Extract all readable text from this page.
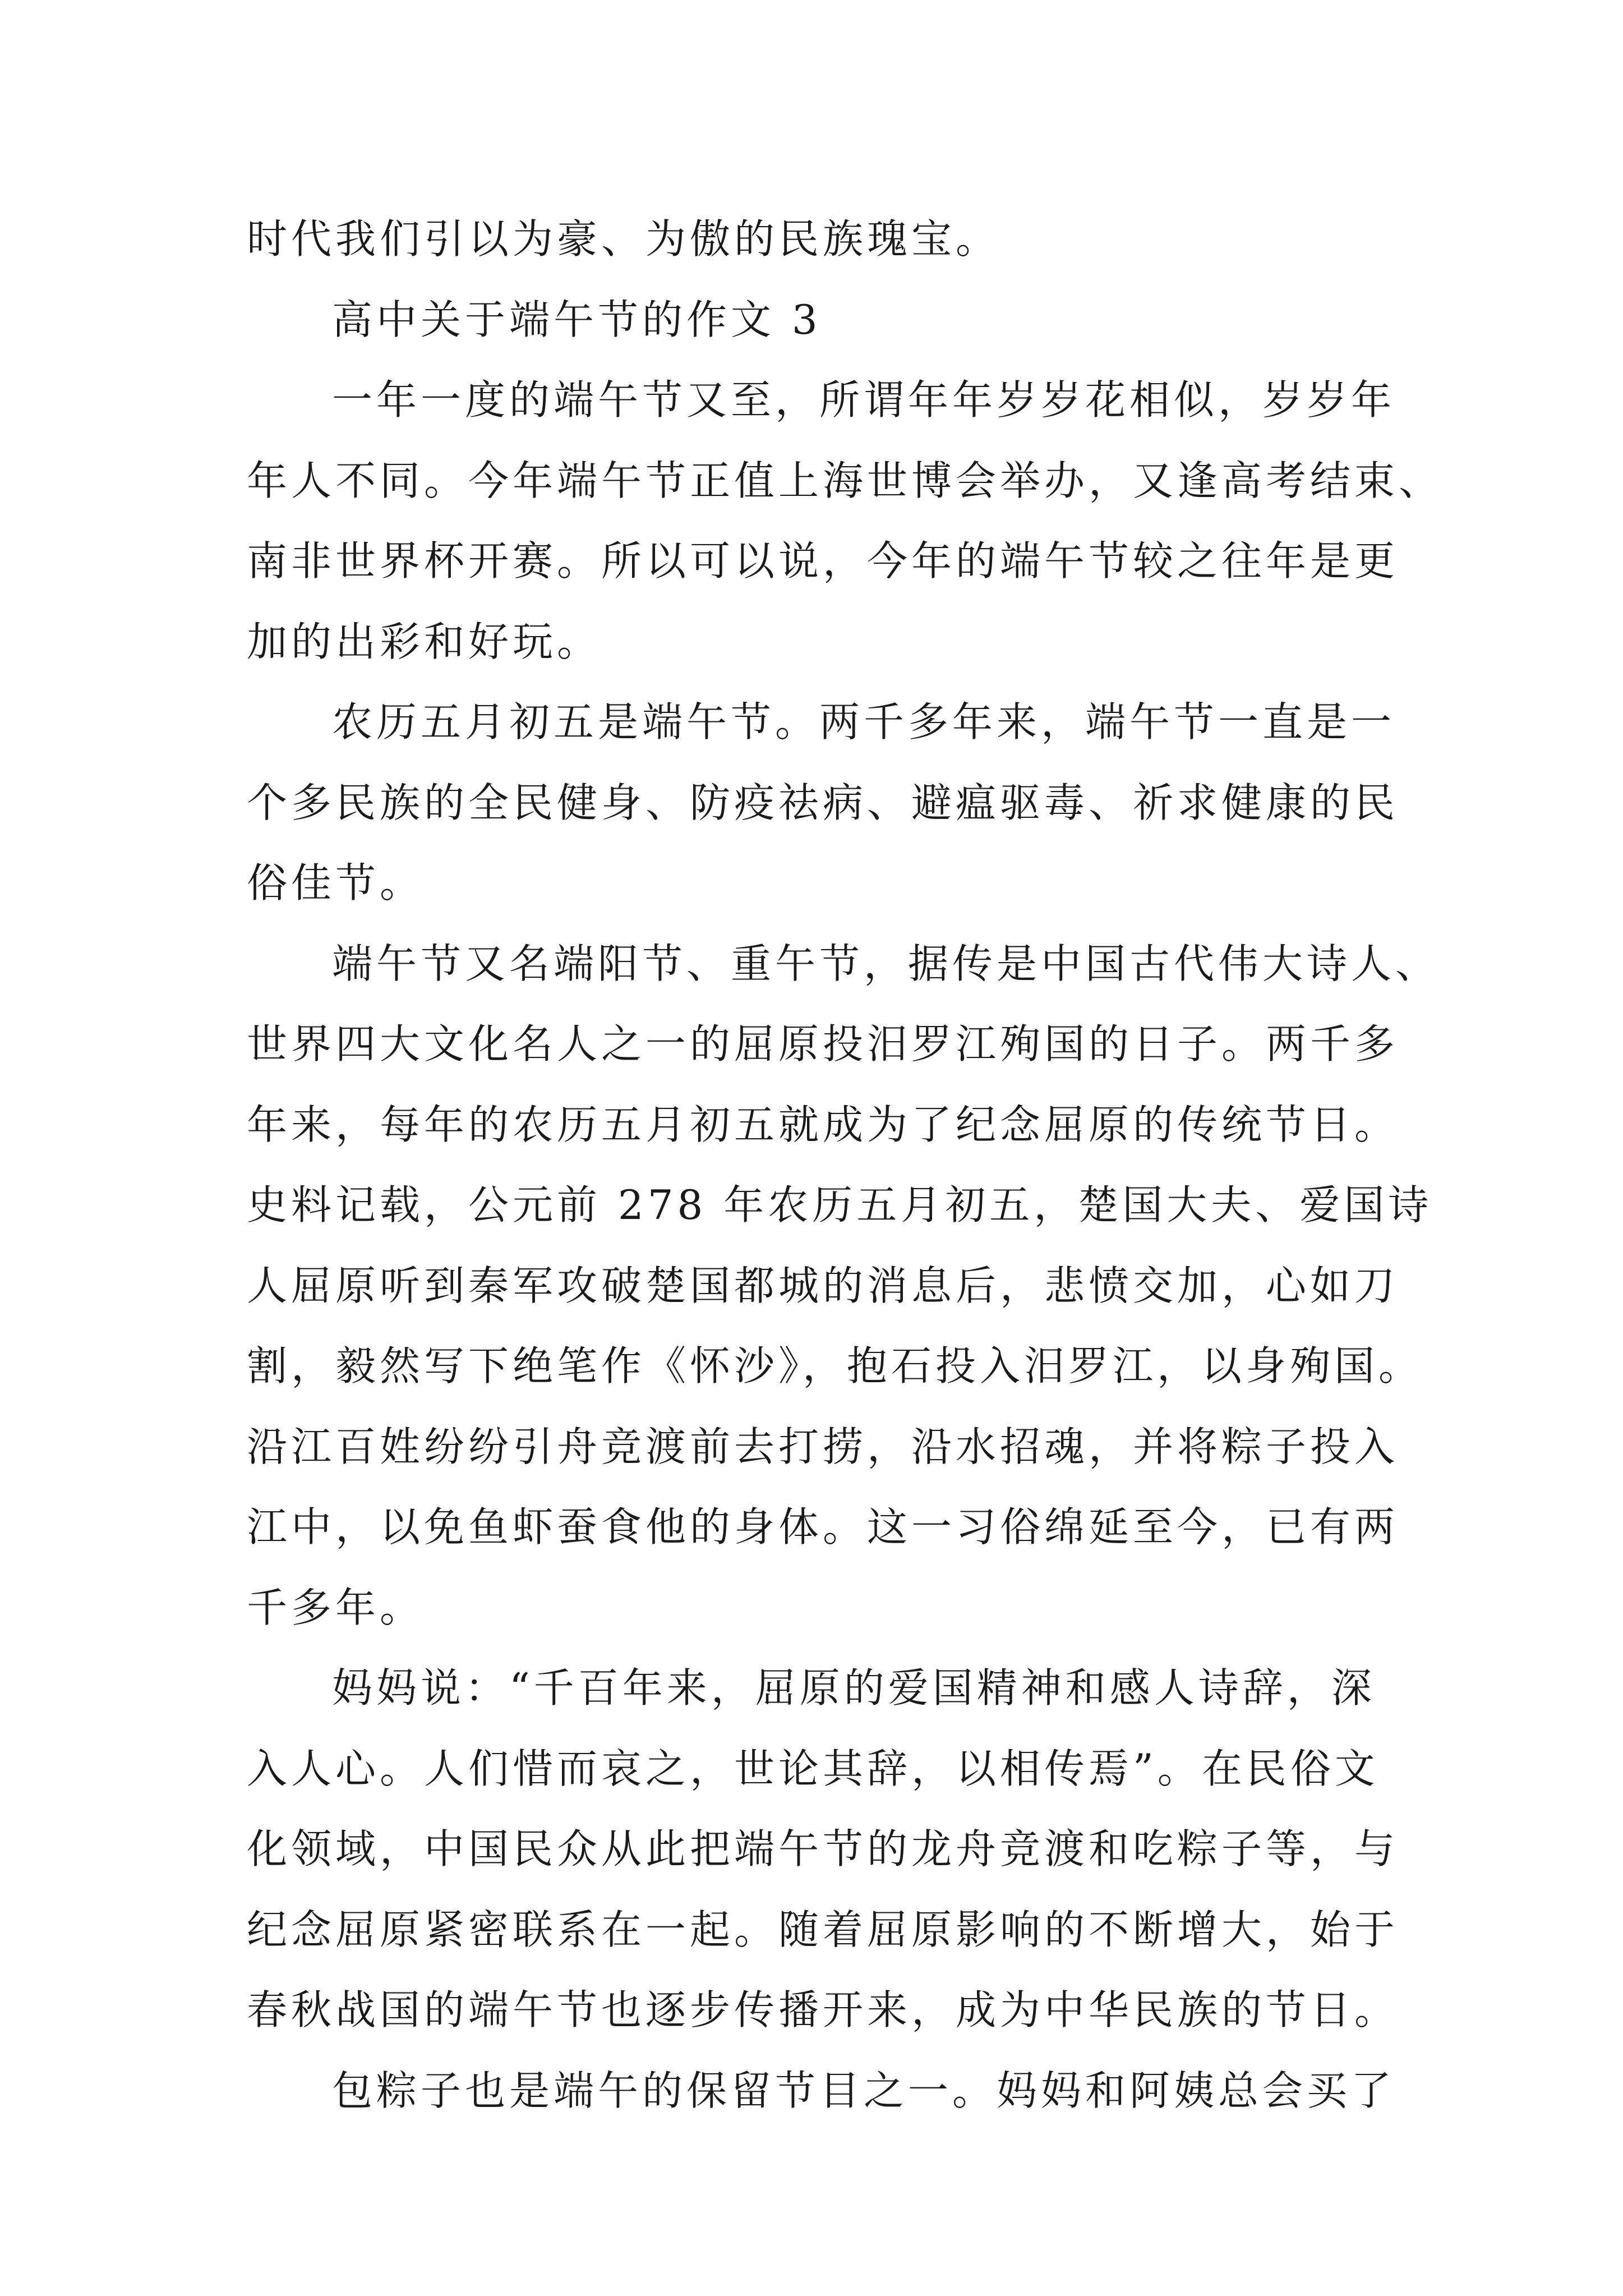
时代我们引以为豪、为傲的民族瑰宝。
高中关于端午节的作文 3
一年一度的端午节又至，所谓年年岁岁花相似，岁岁年
年人不同。今年端午节正值上海世博会举办，又逢高考结束、
南非世界杯开赛。所以可以说，今年的端午节较之往年是更
加的出彩和好玩。
农历五月初五是端午节。两千多年来，端午节一直是一
个多民族的全民健身、防疫祛病、避瘟驱毒、祈求健康的民
俗佳节。
端午节又名端阳节、重午节，据传是中国古代伟大诗人、
世界四大文化名人之一的屈原投汨罗江殉国的日子。两千多
年来，每年的农历五月初五就成为了纪念屈原的传统节日。
史料记载，公元前 278 年农历五月初五，楚国大夫、爱国诗
人屈原听到秦军攻破楚国都城的消息后，悲愤交加，心如刀
割，毅然写下绝笔作《怀沙》，抱石投入汨罗江，以身殉国。
沿江百姓纷纷引舟竞渡前去打捞，沿水招魂，并将粽子投入
江中，以免鱼虾蚕食他的身体。这一习俗绵延至今，已有两
千多年。
妈妈说：“千百年来，屈原的爱国精神和感人诗辞，深
入人心。人们惜而哀之，世论其辞，以相传焉”。在民俗文
化领域，中国民众从此把端午节的龙舟竞渡和吃粽子等，与
纪念屈原紧密联系在一起。随着屈原影响的不断增大，始于
春秋战国的端午节也逐步传播开来，成为中华民族的节日。
包粽子也是端午的保留节目之一。妈妈和阿姨总会买了
